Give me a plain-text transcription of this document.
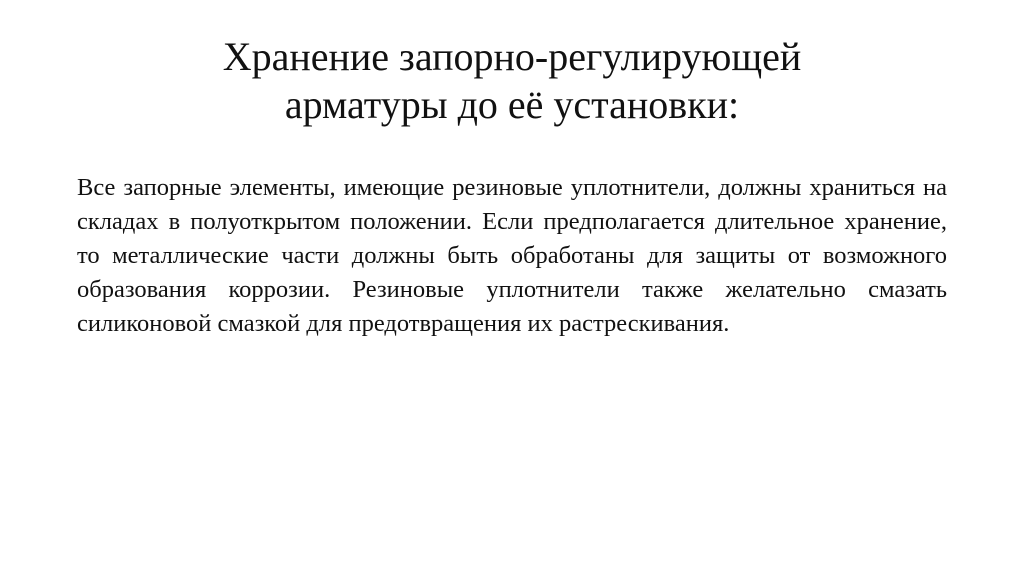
Хранение запорно-регулирующей
арматуры до её установки:

Все запорные элементы, имеющие резиновые уплотнители, должны храниться на складах в полуоткрытом положении. Если предполагается длительное хранение, то металлические части должны быть обработаны для защиты от возможного образования коррозии. Резиновые уплотнители также желательно смазать силиконовой смазкой для предотвращения их растрескивания.
